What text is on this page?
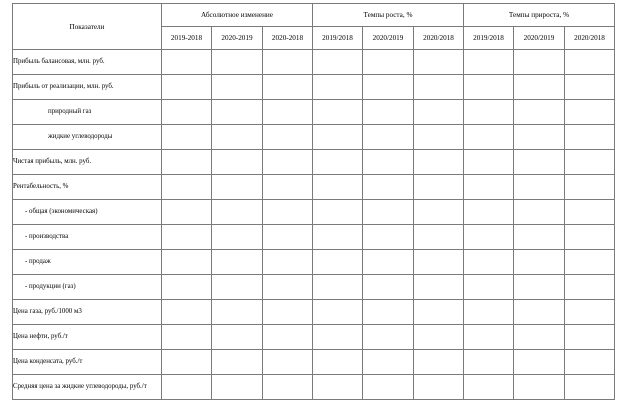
Показатели	Абсолютное изменение			Темпы роста, %			Темпы прироста, %		
	2019-2018	2020-2019	2020-2018	2019/2018	2020/2019	2020/2018	2019/2018	2020/2019	2020/2018
Прибыль балансовая, млн. руб.									
Прибыль от реализации, млн. руб.									
природный газ									
жидкие углеводороды									
Чистая прибыль, млн. руб.									
Рентабельность, %									
- общая (экономическая)									
- производства									
- продаж									
- продукции (газ)									
Цена газа, руб./1000 м3									
Цена нефти, руб./т									
Цена конденсата, руб./т									
Средняя цена за жидкие углеводороды, руб./т									
